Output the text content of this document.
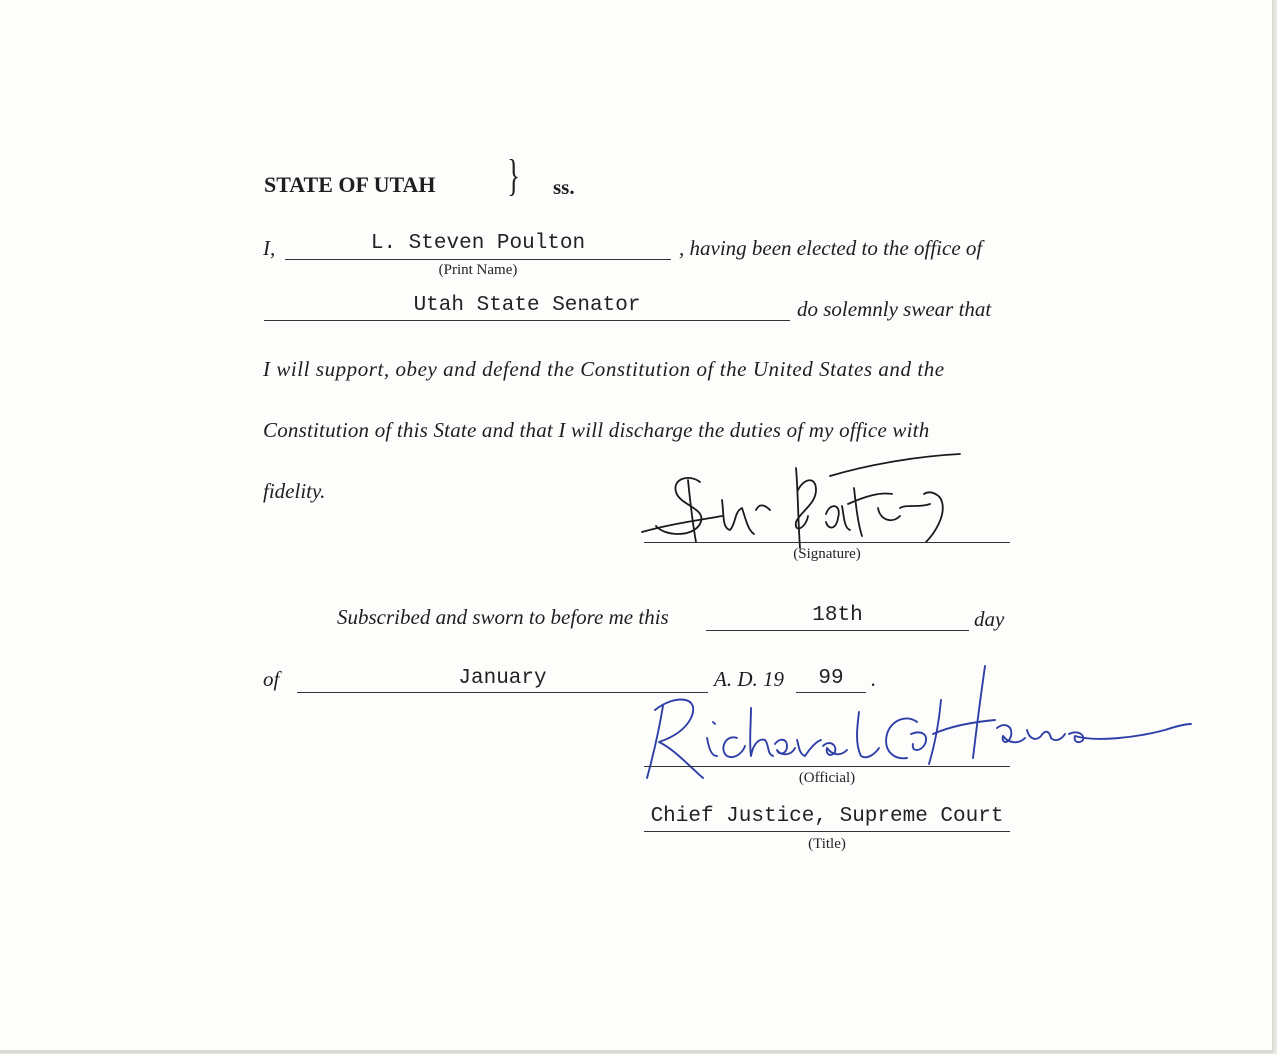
STATE OF UTAH } ss.
I,	L. Steven Poulton
(Print Name)
, having been elected to the office of
Utah State Senator	do solemnly swear that
I will support, obey and defend the Constitution of the United States and the
Constitution of this State and that I will discharge the duties of my office with
fidelity.
(Signature)
Subscribed and sworn to before me this	18th	day
of	January	A. D. 19	99	.
(Official)
Chief Justice, Supreme Court
(Title)
